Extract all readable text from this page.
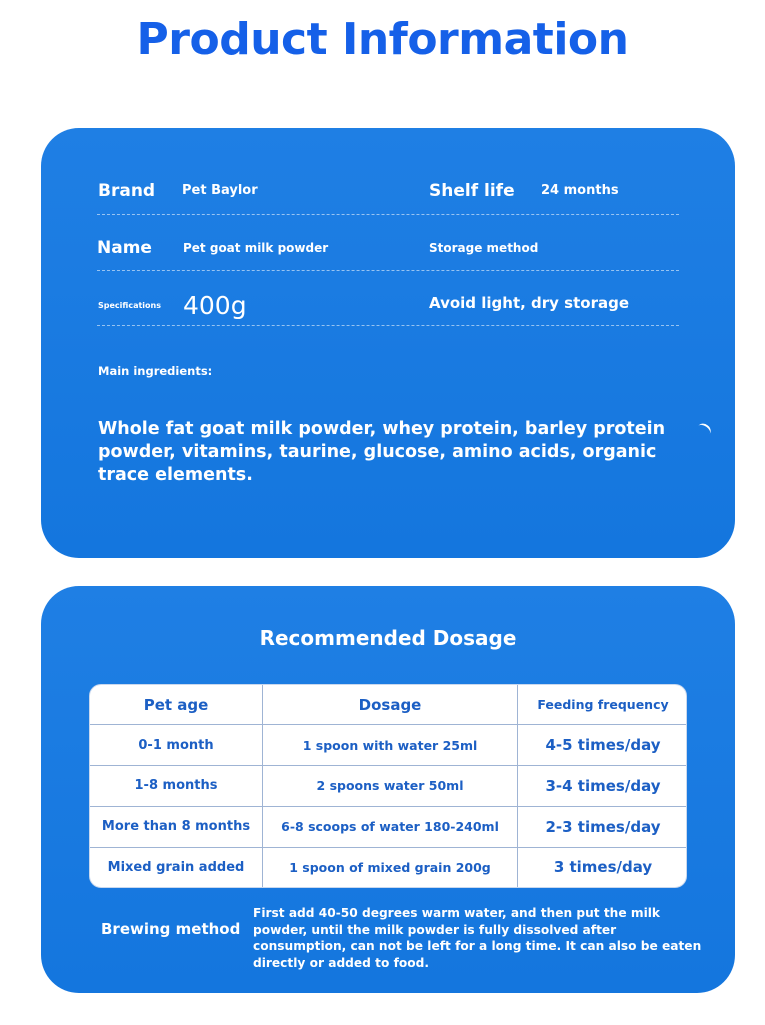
Product Information
Brand Pet Baylor	Shelf life 24 months
Name	Pet goat milk powder	Storage method
Specifications 400g	Avoid light, dry storage
Main ingredients:
Whole fat goat milk powder, whey protein, barley protein powder, vitamins, taurine, glucose, amino acids, organic trace elements.
Recommended Dosage
Pet age	Dosage	Feeding frequency
0-1 month	1 spoon with water 25ml	4-5 times/day
1-8 months	2 spoons water 50ml	3-4 times/day
More than 8 months	6-8 scoops of water 180-240ml	2-3 times/day
Mixed grain added	1 spoon of mixed grain 200g	3 times/day
Brewing method
First add 40-50 degrees warm water, and then put the milk powder, until the milk powder is fully dissolved after consumption, can not be left for a long time. It can also be eaten directly or added to food.
